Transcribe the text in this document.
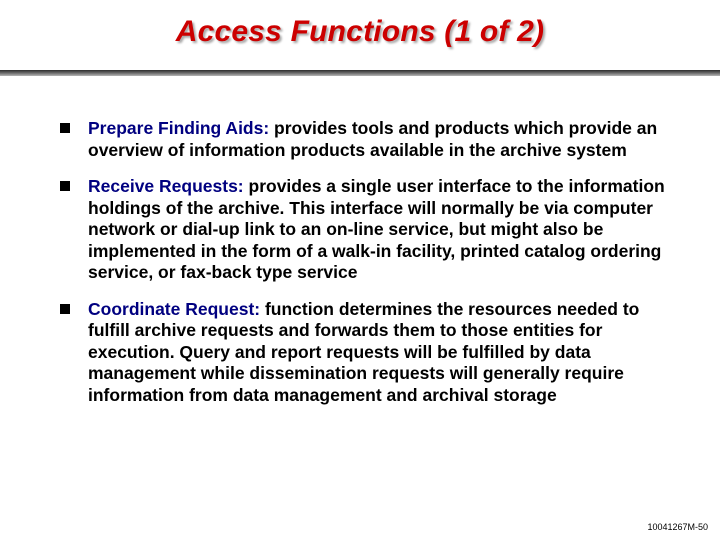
Access Functions (1 of 2)
Prepare Finding Aids: provides tools and products which provide an overview of information products available in the archive system
Receive Requests: provides a single user interface to the information holdings of the archive. This interface will normally be via computer network or dial-up link to an on-line service, but might also be implemented in the form of a walk-in facility, printed catalog ordering service, or fax-back type service
Coordinate Request: function determines the resources needed to fulfill archive requests and forwards them to those entities for execution. Query and report requests will be fulfilled by data management while dissemination requests will generally require information from data management and archival storage
10041267M-50
